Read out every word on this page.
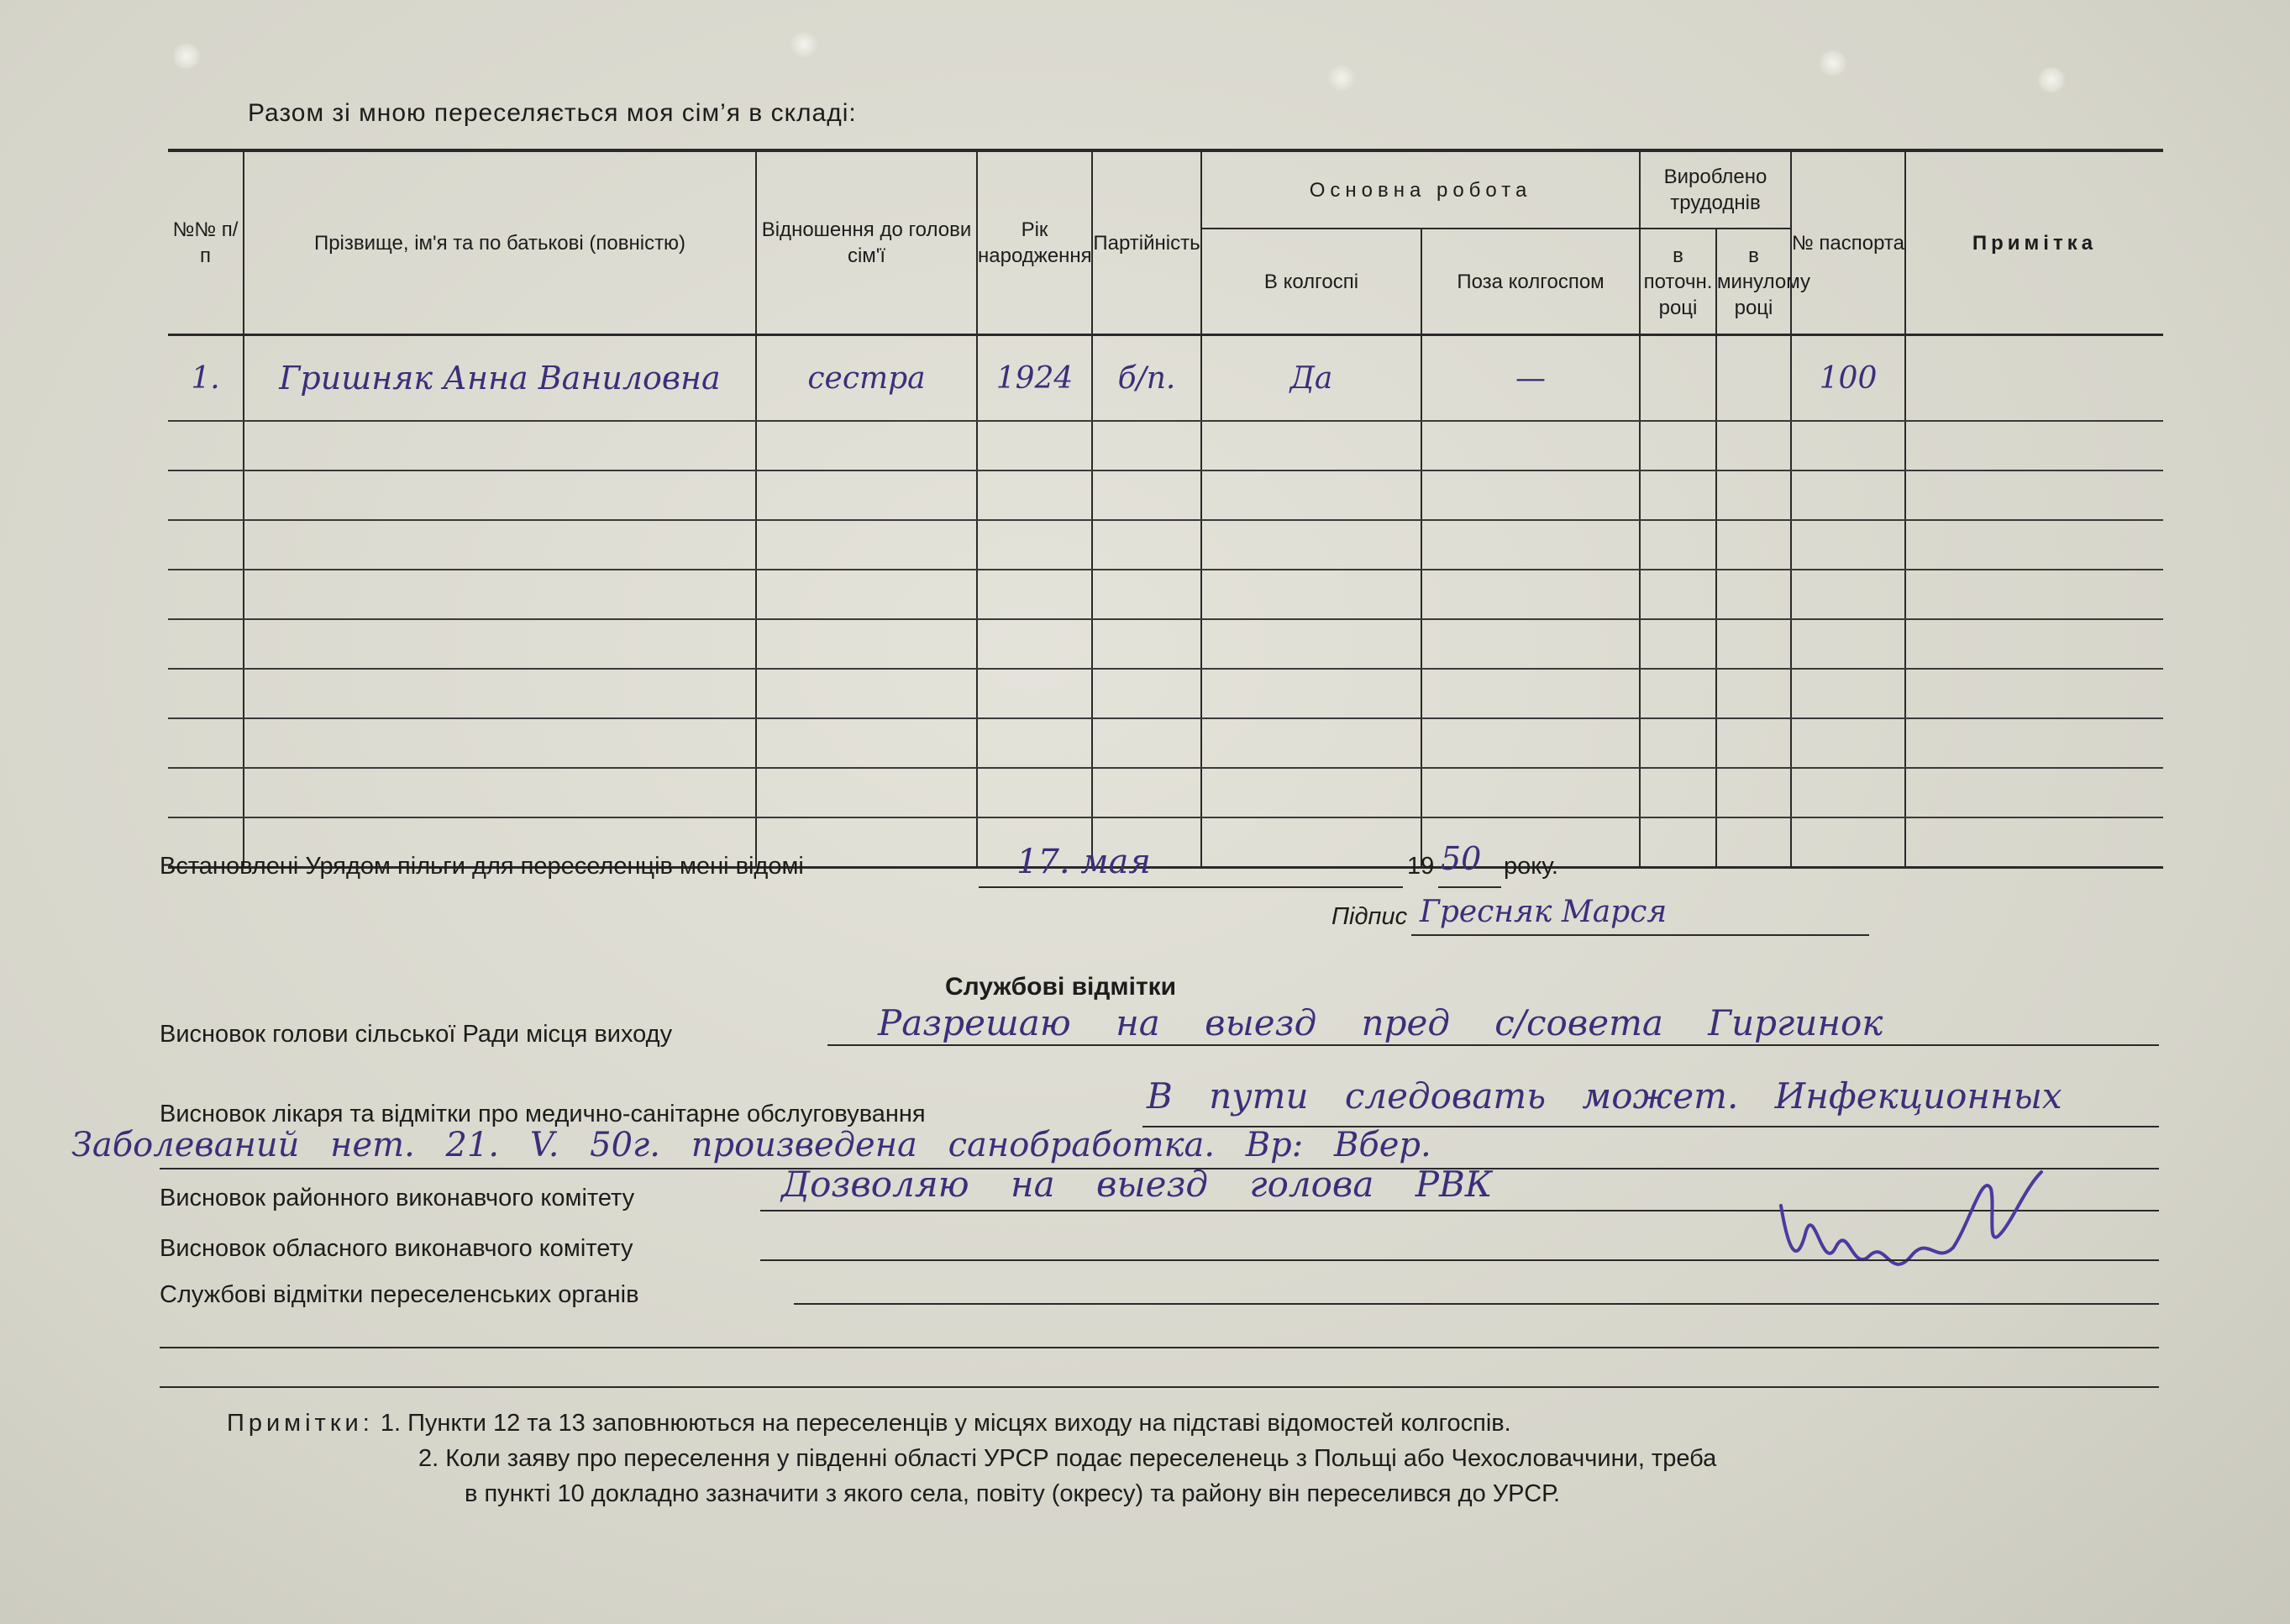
Разом зі мною переселяється моя сім’я в складі:
№№ п/п	Прізвище, ім'я та по батькові (повністю)	Відношення до голови сім'ї	Рік народження	Партійність	Основна робота		Вироблено трудоднів		№ паспорта	Примітка
					В колгоспі	Поза колгоспом	в поточн. році	в минулому році		
1.	Гришняк Анна Ваниловна	сестра	1924	б/п.	Да	—			100	

Встановлені Урядом пільги для переселенців мені відомі	17. мая	19 50 року.
Підпис Гресняк Марся
Службові відмітки
Висновок голови сільської Ради місця виходу	Разрешаю на выезд пред с/совета Гиргинок
Висновок лікаря та відмітки про медично-санітарне обслуговування	В пути следовать может. Инфекционных
Заболеваний нет. 21. V. 50г. произведена санобработка. Вр: Вбер.
Висновок районного виконавчого комітету	Дозволяю на выезд голова РВК
Висновок обласного виконавчого комітету
Службові відмітки переселенських органів
Примітки: 1. Пункти 12 та 13 заповнюються на переселенців у місцях виходу на підставі відомостей колгоспів.
2. Коли заяву про переселення у південні області УРСР подає переселенець з Польщі або Чехословаччини, треба
в пункті 10 докладно зазначити з якого села, повіту (окресу) та району він переселився до УРСР.
